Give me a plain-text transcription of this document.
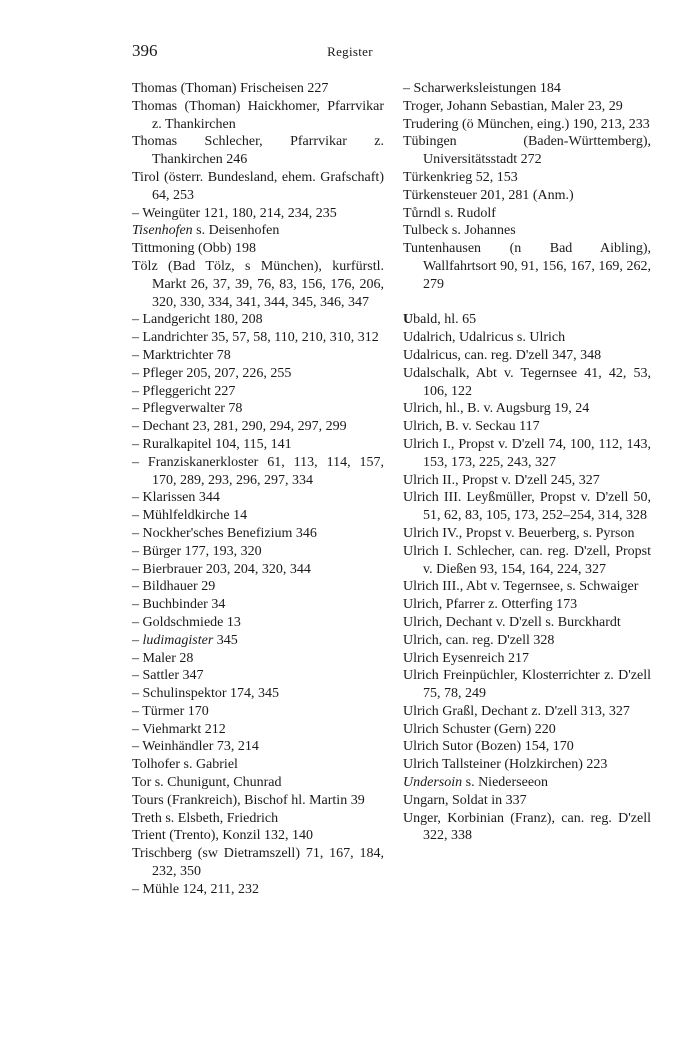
396	Register
Thomas (Thoman) Frischeisen 227
Thomas (Thoman) Haickhomer, Pfarrvikar z. Thankirchen
Thomas Schlecher, Pfarrvikar z. Thankirchen 246
Tirol (österr. Bundesland, ehem. Grafschaft) 64, 253
– Weingüter 121, 180, 214, 234, 235
Tisenhofen s. Deisenhofen
Tittmoning (Obb) 198
Tölz (Bad Tölz, s München), kurfürstl. Markt 26, 37, 39, 76, 83, 156, 176, 206, 320, 330, 334, 341, 344, 345, 346, 347
– Landgericht 180, 208
– Landrichter 35, 57, 58, 110, 210, 310, 312
– Marktrichter 78
– Pfleger 205, 207, 226, 255
– Pfleggericht 227
– Pflegverwalter 78
– Dechant 23, 281, 290, 294, 297, 299
– Ruralkapitel 104, 115, 141
– Franziskanerkloster 61, 113, 114, 157, 170, 289, 293, 296, 297, 334
– Klarissen 344
– Mühlfeldkirche 14
– Nockher'sches Benefizium 346
– Bürger 177, 193, 320
– Bierbrauer 203, 204, 320, 344
– Bildhauer 29
– Buchbinder 34
– Goldschmiede 13
– ludimagister 345
– Maler 28
– Sattler 347
– Schulinspektor 174, 345
– Türmer 170
– Viehmarkt 212
– Weinhändler 73, 214
Tolhofer s. Gabriel
Tor s. Chunigunt, Chunrad
Tours (Frankreich), Bischof hl. Martin 39
Treth s. Elsbeth, Friedrich
Trient (Trento), Konzil 132, 140
Trischberg (sw Dietramszell) 71, 167, 184, 232, 350
– Mühle 124, 211, 232
– Scharwerksleistungen 184
Troger, Johann Sebastian, Maler 23, 29
Trudering (ö München, eing.) 190, 213, 233
Tübingen (Baden-Württemberg), Universitätsstadt 272
Türkenkrieg 52, 153
Türkensteuer 201, 281 (Anm.)
Tůrndl s. Rudolf
Tulbeck s. Johannes
Tuntenhausen (n Bad Aibling), Wallfahrtsort 90, 91, 156, 167, 169, 262, 279
Ubald, hl. 65
Udalrich, Udalricus s. Ulrich
Udalricus, can. reg. D'zell 347, 348
Udalschalk, Abt v. Tegernsee 41, 42, 53, 106, 122
Ulrich, hl., B. v. Augsburg 19, 24
Ulrich, B. v. Seckau 117
Ulrich I., Propst v. D'zell 74, 100, 112, 143, 153, 173, 225, 243, 327
Ulrich II., Propst v. D'zell 245, 327
Ulrich III. Leyßmüller, Propst v. D'zell 50, 51, 62, 83, 105, 173, 252–254, 314, 328
Ulrich IV., Propst v. Beuerberg, s. Pyrson
Ulrich I. Schlecher, can. reg. D'zell, Propst v. Dießen 93, 154, 164, 224, 327
Ulrich III., Abt v. Tegernsee, s. Schwaiger
Ulrich, Pfarrer z. Otterfing 173
Ulrich, Dechant v. D'zell s. Burckhardt
Ulrich, can. reg. D'zell 328
Ulrich Eysenreich 217
Ulrich Freinpüchler, Klosterrichter z. D'zell 75, 78, 249
Ulrich Graßl, Dechant z. D'zell 313, 327
Ulrich Schuster (Gern) 220
Ulrich Sutor (Bozen) 154, 170
Ulrich Tallsteiner (Holzkirchen) 223
Undersoin s. Niederseeon
Ungarn, Soldat in 337
Unger, Korbinian (Franz), can. reg. D'zell 322, 338
